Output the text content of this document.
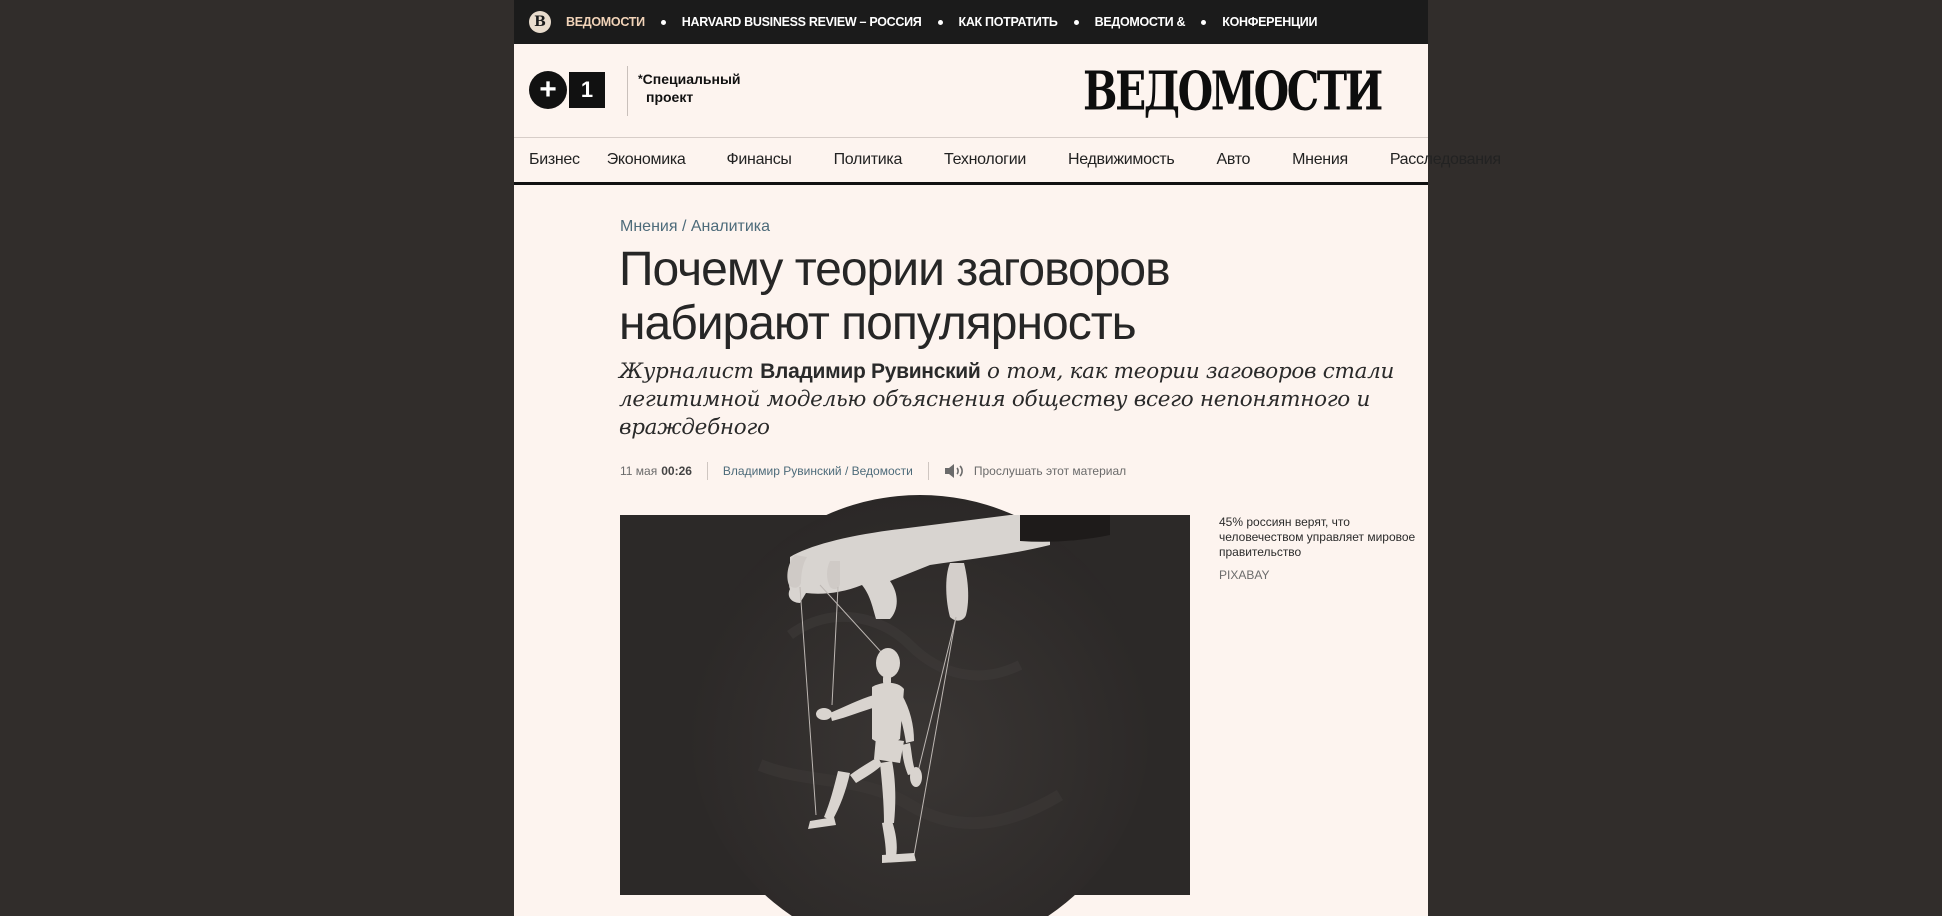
В	ВЕДОМОСТИ	HARVARD BUSINESS REVIEW – РОССИЯ	КАК ПОТРАТИТЬ	ВЕДОМОСТИ &	КОНФЕРЕНЦИИ
+	1	*Специальный
проект	ВЕДОМОСТИ
Бизнес Экономика	Финансы	Политика	Технологии	Недвижимость	Авто	Мнения	Расследования
Мнения / Аналитика
Почему теории заговоров набирают популярность
Журналист Владимир Рувинский о том, как теории заговоров стали легитимной моделью объяснения обществу всего непонятного и враждебного
11 мая 00:26	Владимир Рувинский / Ведомости	Прослушать этот материал
45% россиян верят, что человечеством управляет мировое правительство
PIXABAY
